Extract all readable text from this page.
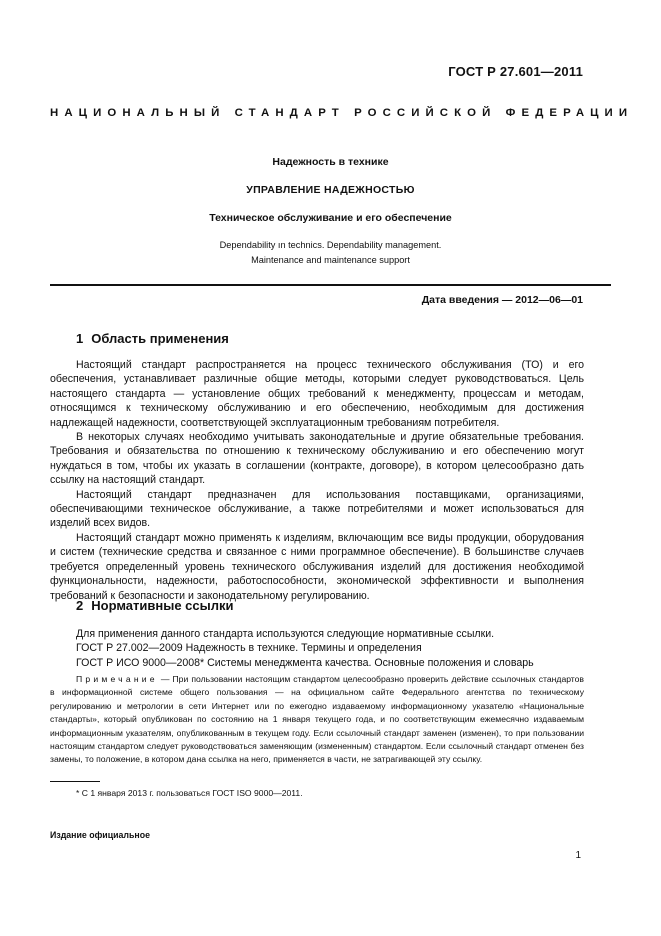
ГОСТ Р 27.601—2011
НАЦИОНАЛЬНЫЙ СТАНДАРТ РОССИЙСКОЙ ФЕДЕРАЦИИ
Надежность в технике
УПРАВЛЕНИЕ НАДЕЖНОСТЬЮ
Техническое обслуживание и его обеспечение
Dependability ın technics. Dependability management.
Maintenance and maintenance support
Дата введения — 2012—06—01
1 Область применения

Настоящий стандарт распространяется на процесс технического обслуживания (ТО) и его обеспечения, устанавливает различные общие методы, которыми следует руководствоваться. Цель настоящего стандарта — установление общих требований к менеджменту, процессам и методам, относящимся к техническому обслуживанию и его обеспечению, необходимым для достижения надлежащей надежности, соответствующей эксплуатационным требованиям потребителя.

В некоторых случаях необходимо учитывать законодательные и другие обязательные требования. Требования и обязательства по отношению к техническому обслуживанию и его обеспечению могут нуждаться в том, чтобы их указать в соглашении (контракте, договоре), в котором целесообразно дать ссылку на настоящий стандарт.

Настоящий стандарт предназначен для использования поставщиками, организациями, обеспечивающими техническое обслуживание, а также потребителями и может использоваться для изделий всех видов.

Настоящий стандарт можно применять к изделиям, включающим все виды продукции, оборудования и систем (технические средства и связанное с ними программное обеспечение). В большинстве случаев требуется определенный уровень технического обслуживания изделий для достижения необходимой функциональности, надежности, работоспособности, экономической эффективности и выполнения требований к безопасности и законодательному регулированию.

2 Нормативные ссылки
Для применения данного стандарта используются следующие нормативные ссылки.
ГОСТ Р 27.002—2009 Надежность в технике. Термины и определения
ГОСТ Р ИСО 9000—2008* Системы менеджмента качества. Основные положения и словарь
Примечание — При пользовании настоящим стандартом целесообразно проверить действие ссылочных стандартов в информационной системе общего пользования — на официальном сайте Федерального агентства по техническому регулированию и метрологии в сети Интернет или по ежегодно издаваемому информационному указателю «Национальные стандарты», который опубликован по состоянию на 1 января текущего года, и по соответствующим ежемесячно издаваемым информационным указателям, опубликованным в текущем году. Если ссылочный стандарт заменен (изменен), то при пользовании настоящим стандартом следует руководствоваться заменяющим (измененным) стандартом. Если ссылочный стандарт отменен без замены, то положение, в котором дана ссылка на него, применяется в части, не затрагивающей эту ссылку.
* С 1 января 2013 г. пользоваться ГОСТ ISO 9000—2011.
Издание официальное
1
